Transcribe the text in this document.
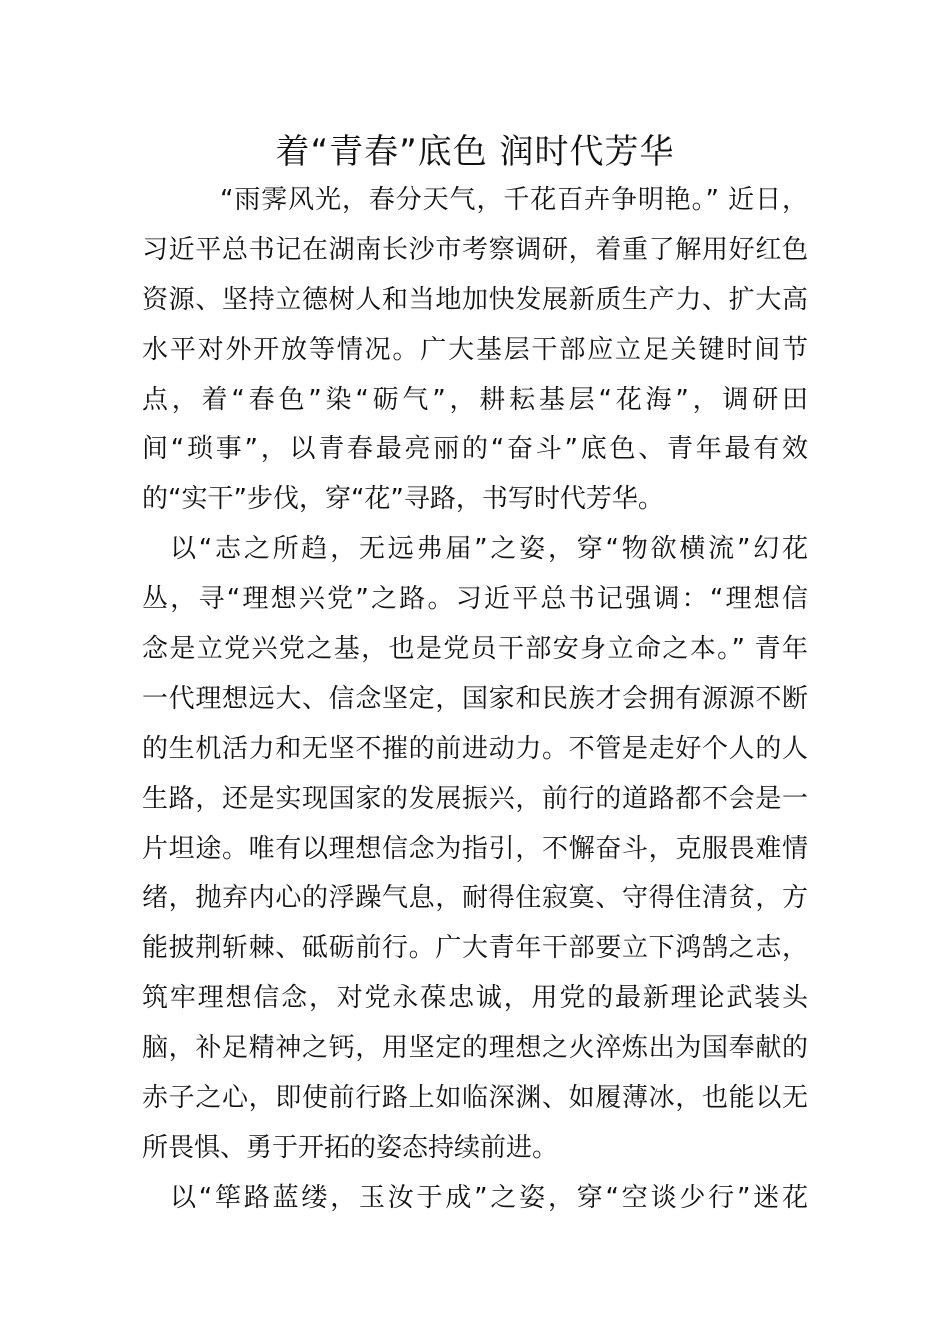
着“青春”底色 润时代芳华
“雨霁风光，春分天气，千花百卉争明艳。” 近日，
习近平总书记在湖南长沙市考察调研，着重了解用好红色
资源、坚持立德树人和当地加快发展新质生产力、扩大高
水平对外开放等情况。广大基层干部应立足关键时间节
点，着“春色”染“砺气”，耕耘基层“花海”，调研田
间“琐事”，以青春最亮丽的“奋斗”底色、青年最有效
的“实干”步伐，穿“花”寻路，书写时代芳华。
以“志之所趋，无远弗届”之姿，穿“物欲横流”幻花
丛，寻“理想兴党”之路。习近平总书记强调：“理想信
念是立党兴党之基，也是党员干部安身立命之本。” 青年
一代理想远大、信念坚定，国家和民族才会拥有源源不断
的生机活力和无坚不摧的前进动力。不管是走好个人的人
生路，还是实现国家的发展振兴，前行的道路都不会是一
片坦途。唯有以理想信念为指引，不懈奋斗，克服畏难情
绪，抛弃内心的浮躁气息，耐得住寂寞、守得住清贫，方
能披荆斩棘、砥砺前行。广大青年干部要立下鸿鹄之志，
筑牢理想信念，对党永葆忠诚，用党的最新理论武装头
脑，补足精神之钙，用坚定的理想之火淬炼出为国奉献的
赤子之心，即使前行路上如临深渊、如履薄冰，也能以无
所畏惧、勇于开拓的姿态持续前进。
以“筚路蓝缕，玉汝于成”之姿，穿“空谈少行”迷花
